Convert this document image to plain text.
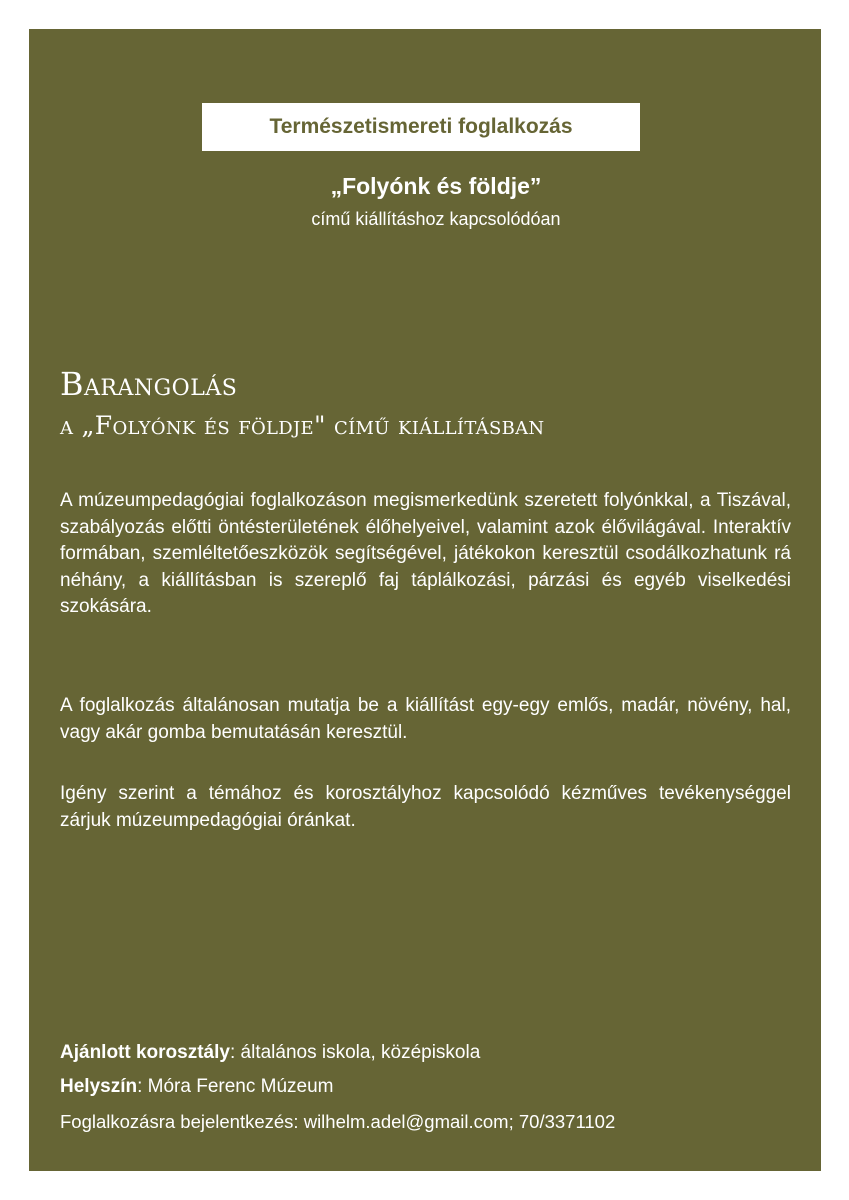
Természetismereti foglalkozás
„Folyónk és földje”
című kiállításhoz kapcsolódóan
Barangolás
a „Folyónk és földje" című kiállításban

A múzeumpedagógiai foglalkozáson megismerkedünk szeretett folyónkkal, a Tiszával, szabályozás előtti öntésterületének élőhelyeivel, valamint azok élővilágával. Interaktív formában, szemléltetőeszközök segítségével, játékokon keresztül csodálkozhatunk rá néhány, a kiállításban is szereplő faj táplálkozási, párzási és egyéb viselkedési szokására.

A foglalkozás általánosan mutatja be a kiállítást egy-egy emlős, madár, növény, hal, vagy akár gomba bemutatásán keresztül.

Igény szerint a témához és korosztályhoz kapcsolódó kézműves tevékenységgel zárjuk múzeumpedagógiai óránkat.

Ajánlott korosztály: általános iskola, középiskola

Helyszín: Móra Ferenc Múzeum

Foglalkozásra bejelentkezés: wilhelm.adel@gmail.com; 70/3371102
